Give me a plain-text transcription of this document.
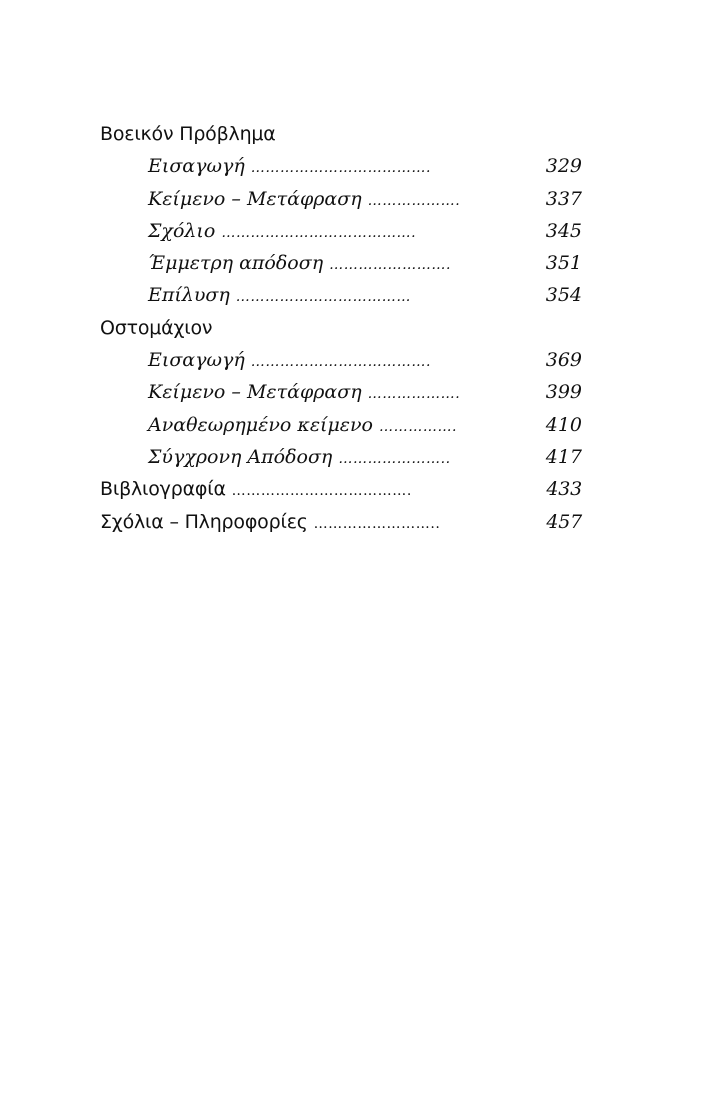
Βοεικόν Πρόβλημα
Εισαγωγή ……………………………….	329
Κείμενο – Μετάφραση ……………….	337
Σχόλιο ………………………………….	345
Έμμετρη απόδοση …………………….	351
Επίλυση ………………………………	354
Οστομάχιον
Εισαγωγή ……………………………….	369
Κείμενο – Μετάφραση ……………….	399
Αναθεωρημένο κείμενο …………….	410
Σύγχρονη Απόδοση …………………..	417
Βιβλιογραφία ……………………………….	433
Σχόλια – Πληροφορίες ……………………..	457
